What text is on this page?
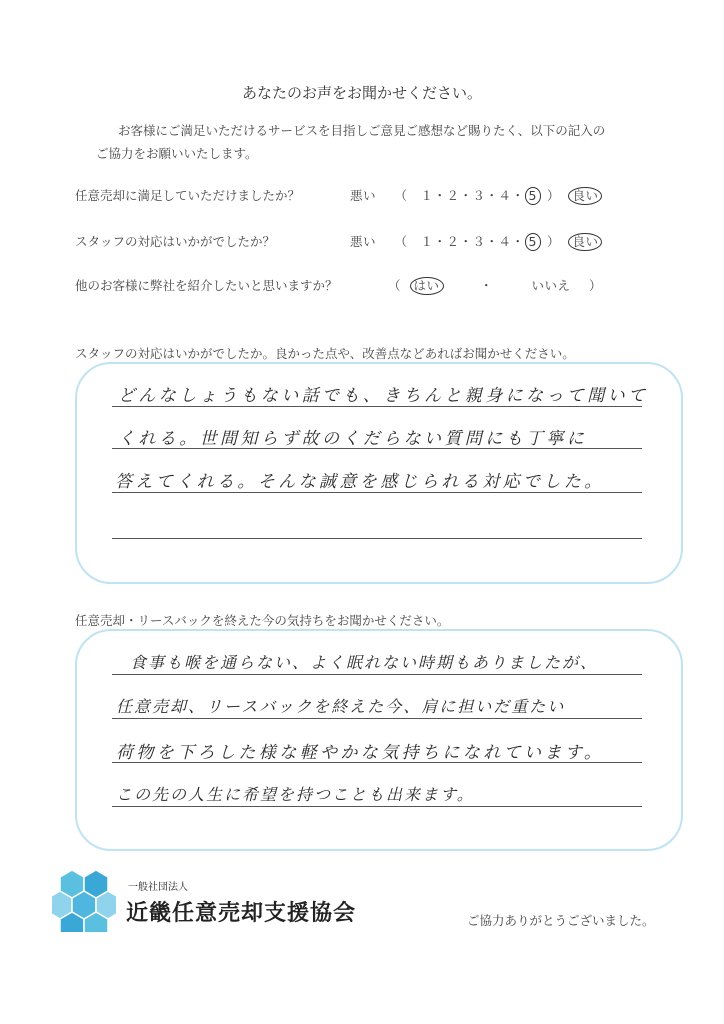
あなたのお声をお聞かせください。
お客様にご満足いただけるサービスを目指しご意見ご感想など賜りたく、以下の記入の
ご協力をお願いいたします。
任意売却に満足していただけましたか？	悪い （　１・２・３・４・ 5 ） 良い
スタッフの対応はいかがでしたか？	悪い （　１・２・３・４・ 5 ） 良い
他のお客様に弊社を紹介したいと思いますか？	（ はい	・	いいえ ）
スタッフの対応はいかがでしたか。良かった点や、改善点などあればお聞かせください。
どんなしょうもない話でも、きちんと親身になって聞いて
くれる。世間知らず故のくだらない質問にも丁寧に
答えてくれる。そんな誠意を感じられる対応でした。
任意売却・リースバックを終えた今の気持ちをお聞かせください。
食事も喉を通らない、よく眠れない時期もありましたが、
任意売却、リースバックを終えた今、肩に担いだ重たい
荷物を下ろした様な軽やかな気持ちになれています。
この先の人生に希望を持つことも出来ます。
一般社団法人
近畿任意売却支援協会	ご協力ありがとうございました。
